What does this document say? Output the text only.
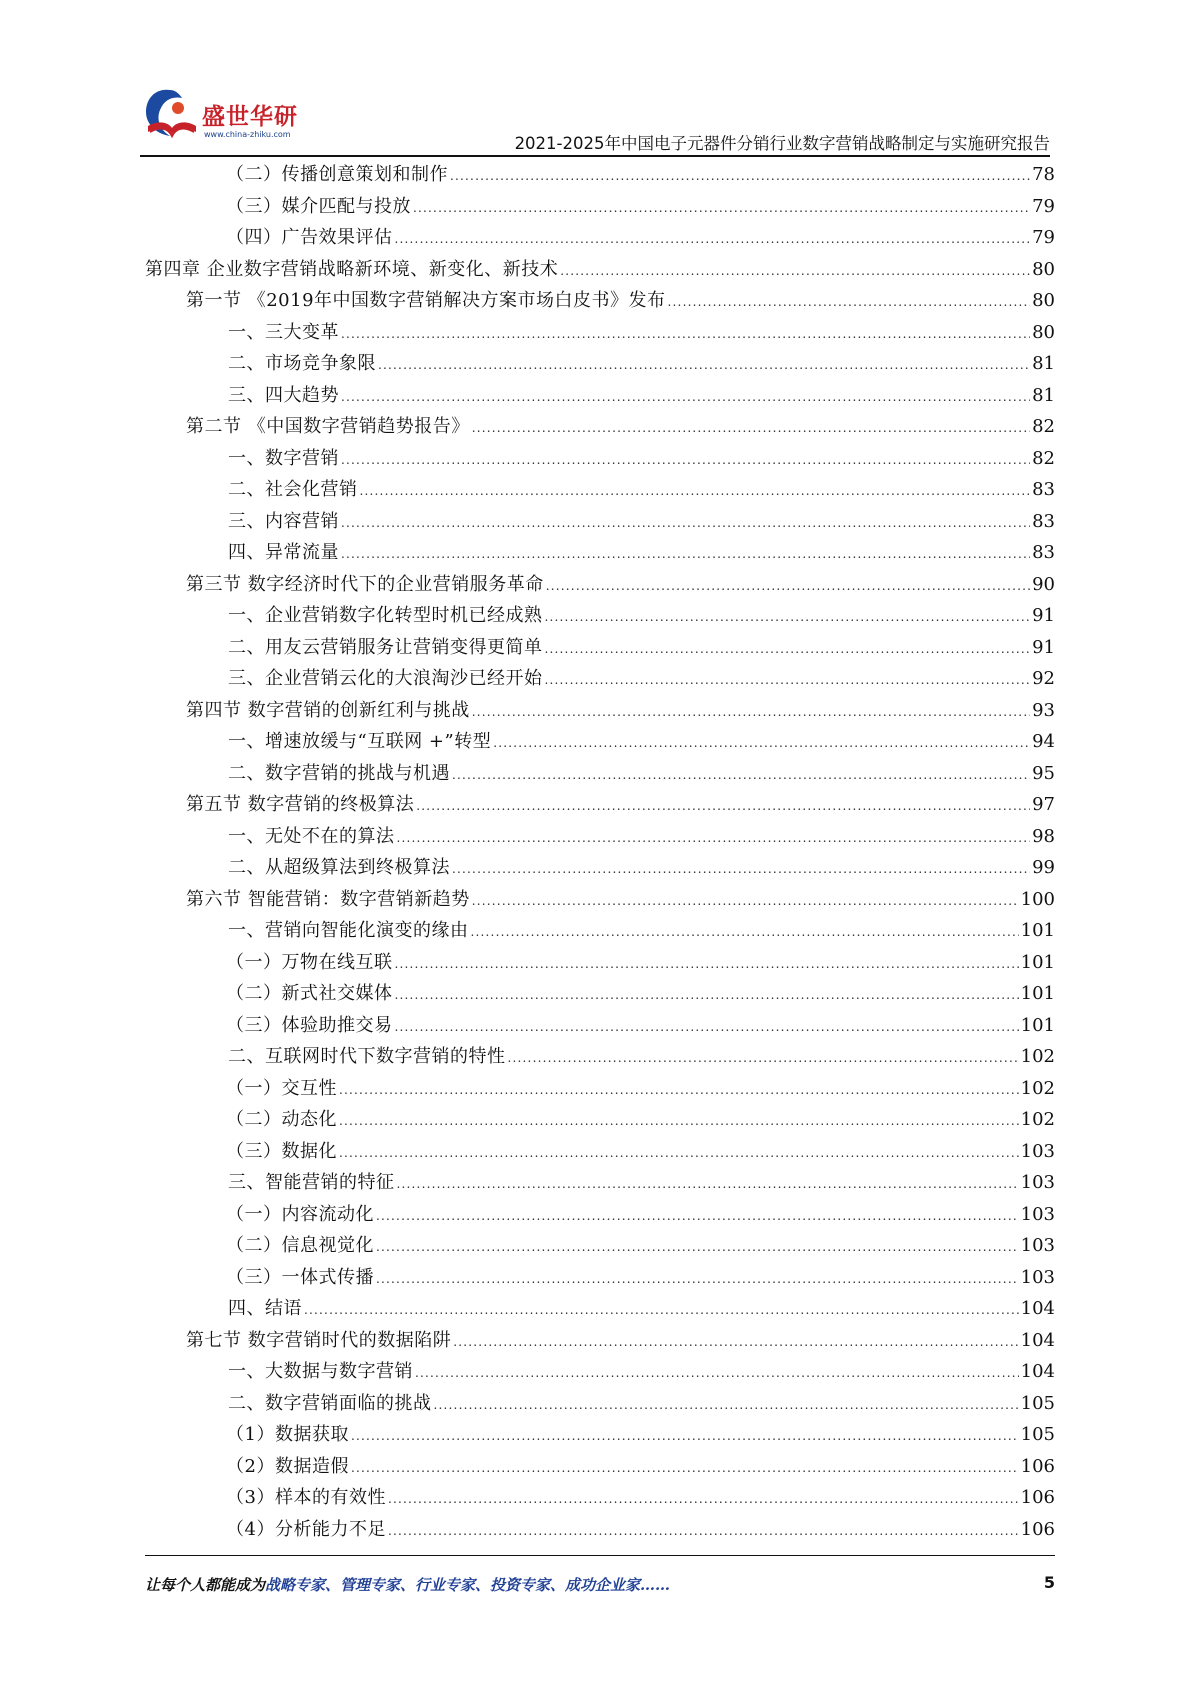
盛世华研
www.china-zhiku.com	2021-2025年中国电子元器件分销行业数字营销战略制定与实施研究报告
（二）传播创意策划和制作 .....	78
（三）媒介匹配与投放 .....	79
（四）广告效果评估 .....	79
第四章 企业数字营销战略新环境、新变化、新技术 .....	80
第一节 《2019年中国数字营销解决方案市场白皮书》发布 .....	80
一、三大变革 .....	80
二、市场竞争象限 .....	81
三、四大趋势 .....	81
第二节 《中国数字营销趋势报告》 .....	82
一、数字营销 .....	82
二、社会化营销 .....	83
三、内容营销 .....	83
四、异常流量 .....	83
第三节 数字经济时代下的企业营销服务革命 .....	90
一、企业营销数字化转型时机已经成熟 .....	91
二、用友云营销服务让营销变得更简单 .....	91
三、企业营销云化的大浪淘沙已经开始 .....	92
第四节 数字营销的创新红利与挑战 .....	93
一、增速放缓与“互联网 +”转型 .....	94
二、数字营销的挑战与机遇 .....	95
第五节 数字营销的终极算法 .....	97
一、无处不在的算法 .....	98
二、从超级算法到终极算法 .....	99
第六节 智能营销：数字营销新趋势 .....	100
一、营销向智能化演变的缘由 .....	101
（一）万物在线互联 .....	101
（二）新式社交媒体 .....	101
（三）体验助推交易 .....	101
二、互联网时代下数字营销的特性 .....	102
（一）交互性 .....	102
（二）动态化 .....	102
（三）数据化 .....	103
三、智能营销的特征 .....	103
（一）内容流动化 .....	103
（二）信息视觉化 .....	103
（三）一体式传播 .....	103
四、结语 .....	104
第七节 数字营销时代的数据陷阱 .....	104
一、大数据与数字营销 .....	104
二、数字营销面临的挑战 .....	105
（1）数据获取 .....	105
（2）数据造假 .....	106
（3）样本的有效性 .....	106
（4）分析能力不足 .....	106
让每个人都能成为战略专家、管理专家、行业专家、投资专家、成功企业家……	5
